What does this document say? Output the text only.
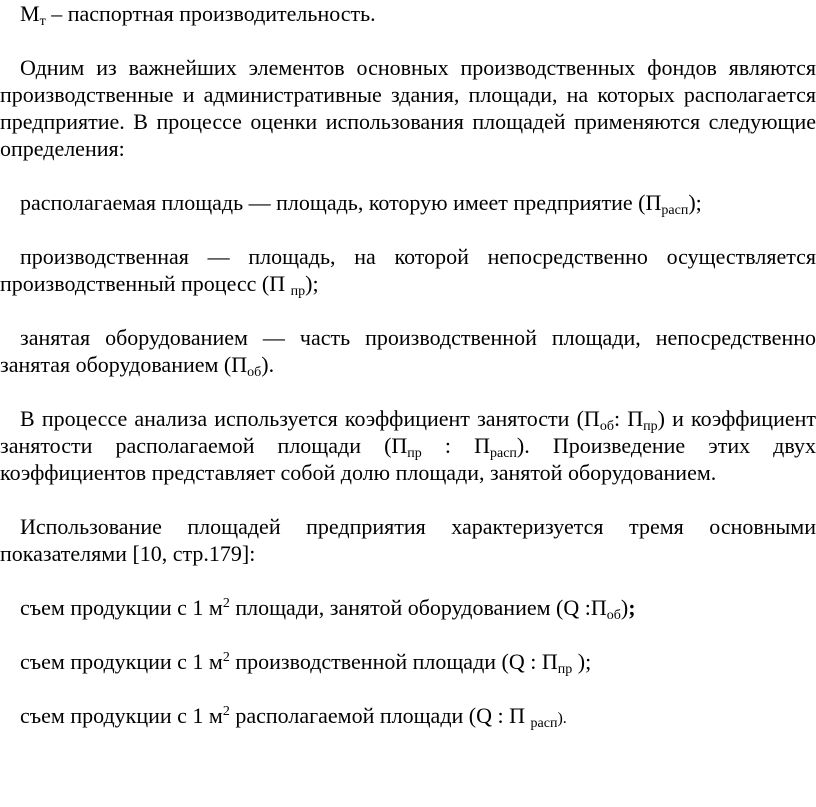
$М_т$ – паспортная производительность.

Одним из важнейших элементов основных производственных фондов являются производственные и административные здания, площади, на которых располагается предприятие. В процессе оценки использования площадей применяются следующие определения:

располагаемая площадь — площадь, которую имеет предприятие $(П_{расп})$;

производственная — площадь, на которой непосредственно осуществляется производственный процесс (П $_{пр}$);

занятая оборудованием — часть производственной площади, непосредственно занятая оборудованием $(П_{об})$.

В процессе анализа используется коэффициент занятости ($П_{об}$: $П_{пр}$) и коэффициент занятости располагаемой площади ($П_{пр}$ : $П_{расп}$). Произведение этих двух коэффициентов представляет собой долю площади, занятой оборудованием.

Использование площадей предприятия характеризуется тремя основными показателями [10, стр.179]:

съем продукции с 1 $м^2$ площади, занятой оборудованием (Q $:П_{об}$);

съем продукции с 1 $м^2$ производственной площади (Q : $П_{пр}$ );

съем продукции с 1 $м^2$ располагаемой площади (Q : П $_{расп}$).
